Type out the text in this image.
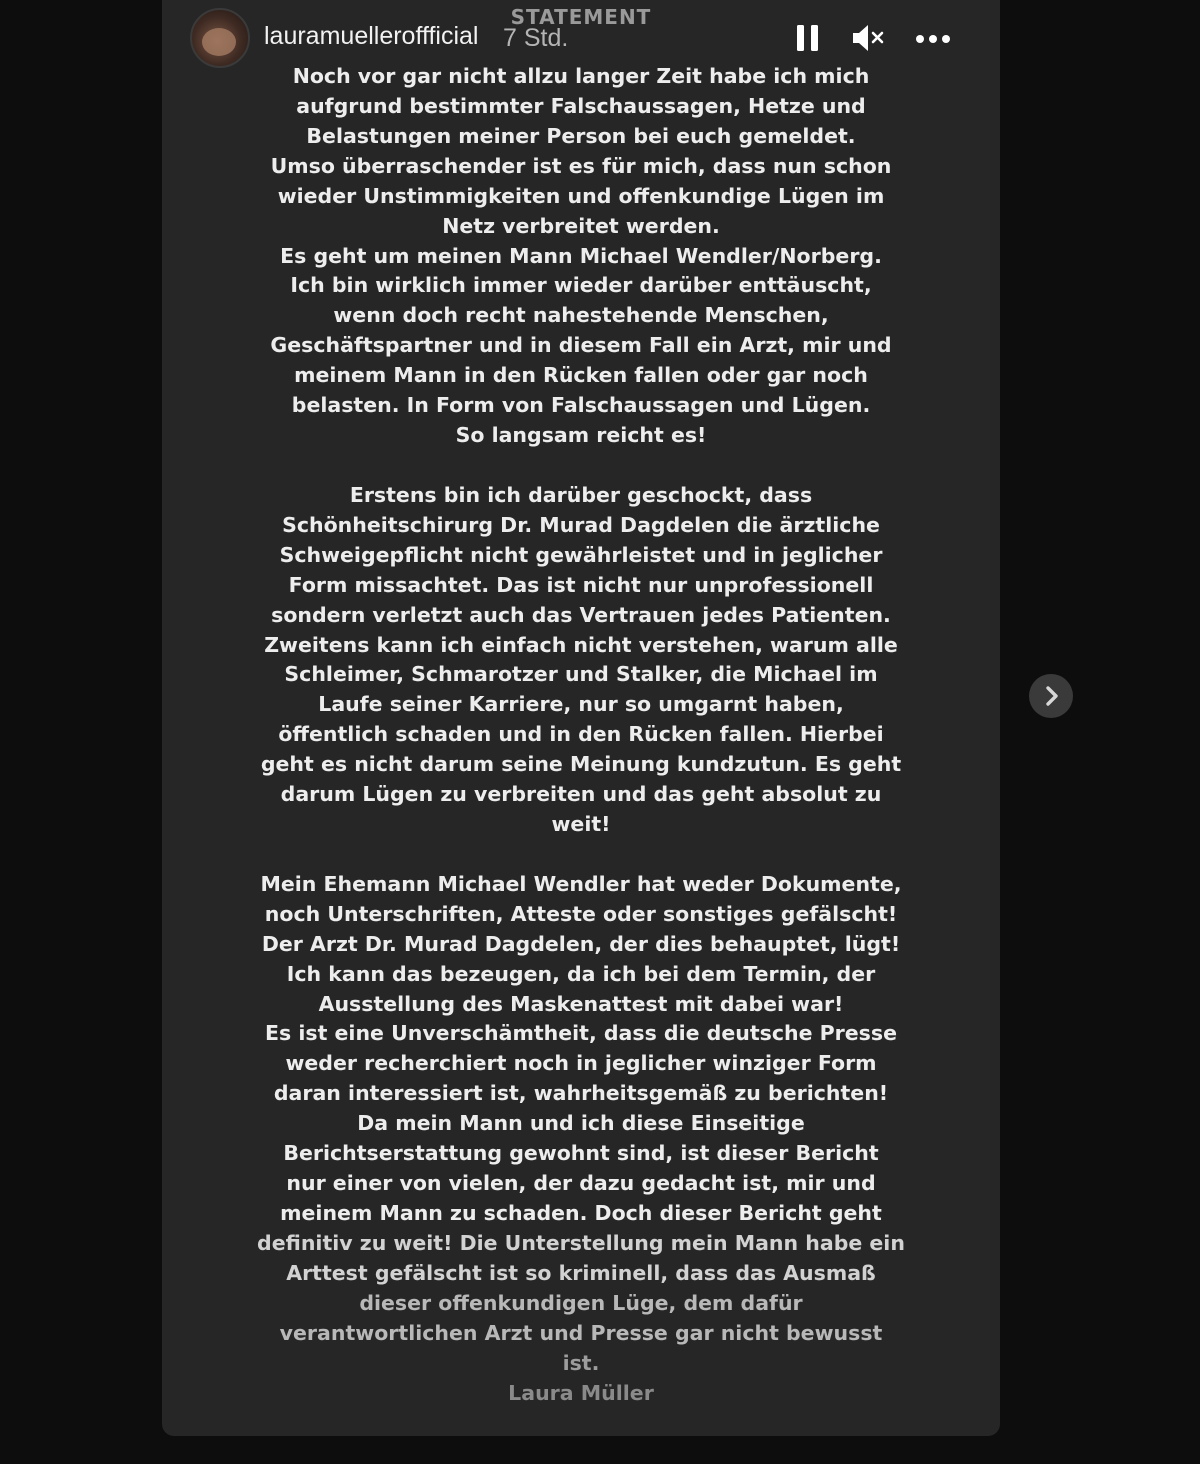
lauramuelleroffficial 7 Std.
STATEMENT

Noch vor gar nicht allzu langer Zeit habe ich mich

aufgrund bestimmter Falschaussagen, Hetze und

Belastungen meiner Person bei euch gemeldet.

Umso überraschender ist es für mich, dass nun schon

wieder Unstimmigkeiten und offenkundige Lügen im

Netz verbreitet werden.

Es geht um meinen Mann Michael Wendler/Norberg.

Ich bin wirklich immer wieder darüber enttäuscht,

wenn doch recht nahestehende Menschen,

Geschäftspartner und in diesem Fall ein Arzt, mir und

meinem Mann in den Rücken fallen oder gar noch

belasten. In Form von Falschaussagen und Lügen.

So langsam reicht es!

Erstens bin ich darüber geschockt, dass

Schönheitschirurg Dr. Murad Dagdelen die ärztliche

Schweigepflicht nicht gewährleistet und in jeglicher

Form missachtet. Das ist nicht nur unprofessionell

sondern verletzt auch das Vertrauen jedes Patienten.

Zweitens kann ich einfach nicht verstehen, warum alle

Schleimer, Schmarotzer und Stalker, die Michael im

Laufe seiner Karriere, nur so umgarnt haben,

öffentlich schaden und in den Rücken fallen. Hierbei

geht es nicht darum seine Meinung kundzutun. Es geht

darum Lügen zu verbreiten und das geht absolut zu

weit!

Mein Ehemann Michael Wendler hat weder Dokumente,

noch Unterschriften, Atteste oder sonstiges gefälscht!

Der Arzt Dr. Murad Dagdelen, der dies behauptet, lügt!

Ich kann das bezeugen, da ich bei dem Termin, der

Ausstellung des Maskenattest mit dabei war!

Es ist eine Unverschämtheit, dass die deutsche Presse

weder recherchiert noch in jeglicher winziger Form

daran interessiert ist, wahrheitsgemäß zu berichten!

Da mein Mann und ich diese Einseitige

Berichtserstattung gewohnt sind, ist dieser Bericht

nur einer von vielen, der dazu gedacht ist, mir und

meinem Mann zu schaden. Doch dieser Bericht geht

definitiv zu weit! Die Unterstellung mein Mann habe ein

Arttest gefälscht ist so kriminell, dass das Ausmaß

dieser offenkundigen Lüge, dem dafür

verantwortlichen Arzt und Presse gar nicht bewusst

ist.

Laura Müller
